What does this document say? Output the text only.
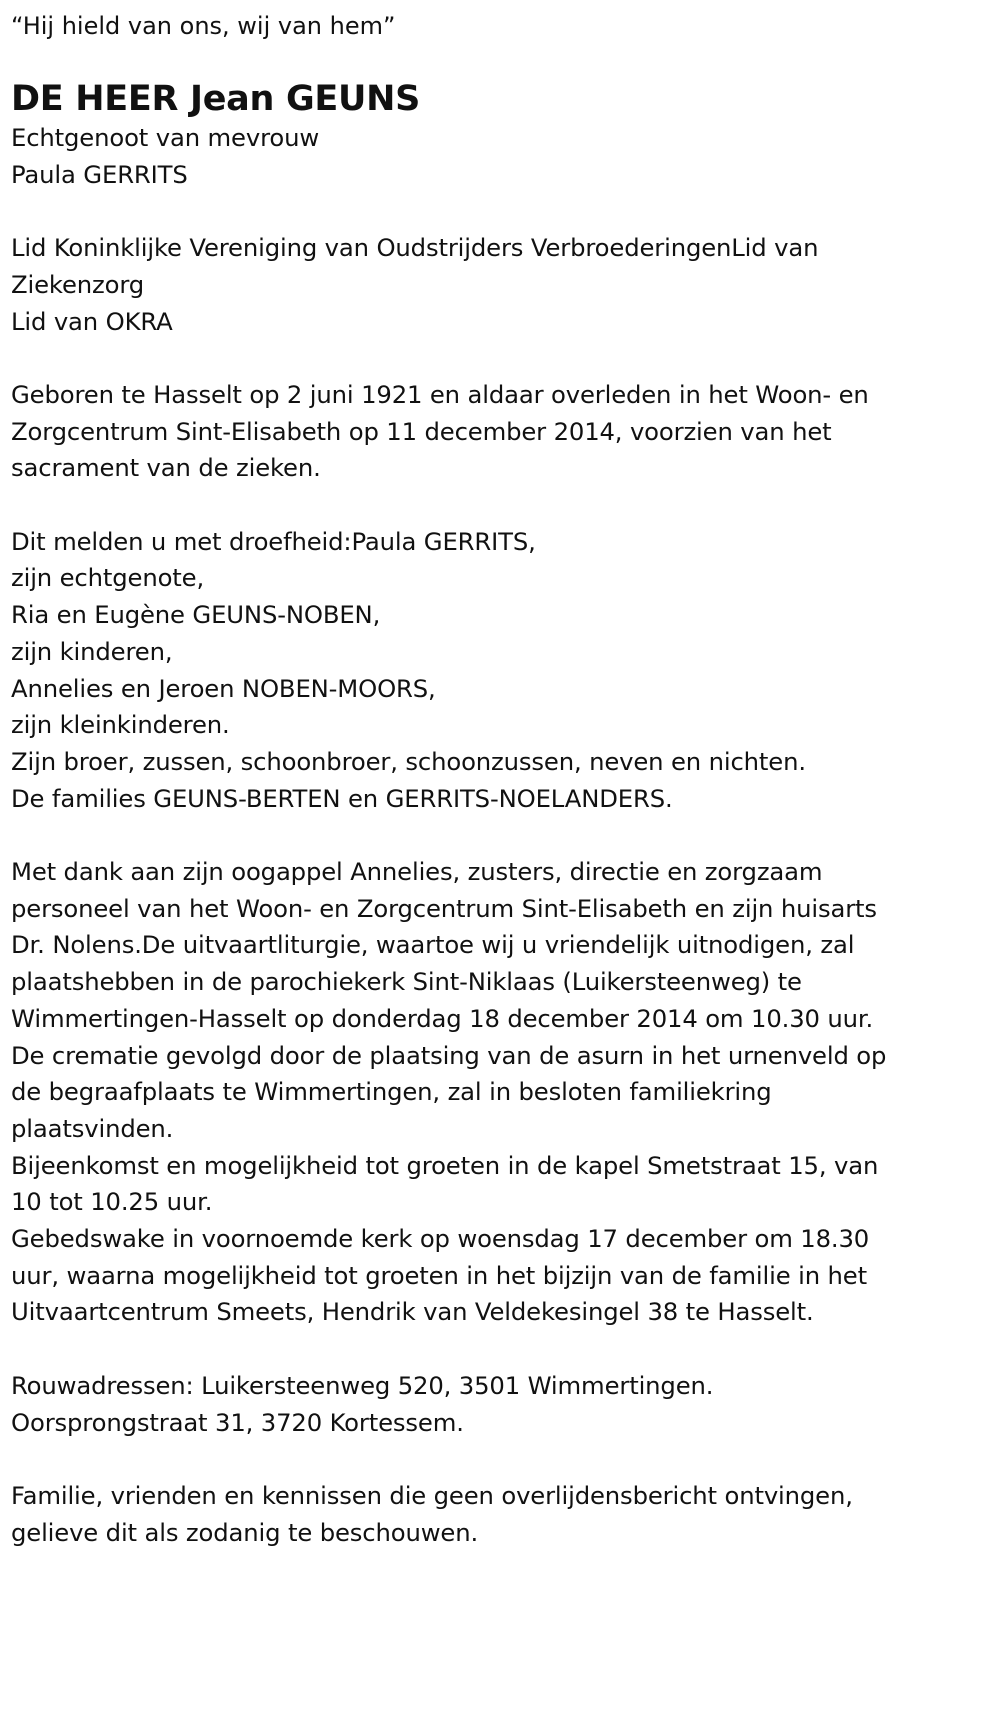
“Hij hield van ons, wij van hem”

DE HEER Jean GEUNS

Echtgenoot van mevrouw
Paula GERRITS

Lid Koninklijke Vereniging van Oudstrijders VerbroederingenLid van
Ziekenzorg
Lid van OKRA

Geboren te Hasselt op 2 juni 1921 en aldaar overleden in het Woon- en
Zorgcentrum Sint-Elisabeth op 11 december 2014, voorzien van het
sacrament van de zieken.

Dit melden u met droefheid:Paula GERRITS,
zijn echtgenote,
Ria en Eugène GEUNS-NOBEN,
zijn kinderen,
Annelies en Jeroen NOBEN-MOORS,
zijn kleinkinderen.
Zijn broer, zussen, schoonbroer, schoonzussen, neven en nichten.
De families GEUNS-BERTEN en GERRITS-NOELANDERS.

Met dank aan zijn oogappel Annelies, zusters, directie en zorgzaam
personeel van het Woon- en Zorgcentrum Sint-Elisabeth en zijn huisarts
Dr. Nolens.De uitvaartliturgie, waartoe wij u vriendelijk uitnodigen, zal
plaatshebben in de parochiekerk Sint-Niklaas (Luikersteenweg) te
Wimmertingen-Hasselt op donderdag 18 december 2014 om 10.30 uur.
De crematie gevolgd door de plaatsing van de asurn in het urnenveld op
de begraafplaats te Wimmertingen, zal in besloten familiekring
plaatsvinden.
Bijeenkomst en mogelijkheid tot groeten in de kapel Smetstraat 15, van
10 tot 10.25 uur.
Gebedswake in voornoemde kerk op woensdag 17 december om 18.30
uur, waarna mogelijkheid tot groeten in het bijzijn van de familie in het
Uitvaartcentrum Smeets, Hendrik van Veldekesingel 38 te Hasselt.

Rouwadressen: Luikersteenweg 520, 3501 Wimmertingen.
Oorsprongstraat 31, 3720 Kortessem.

Familie, vrienden en kennissen die geen overlijdensbericht ontvingen,
gelieve dit als zodanig te beschouwen.
